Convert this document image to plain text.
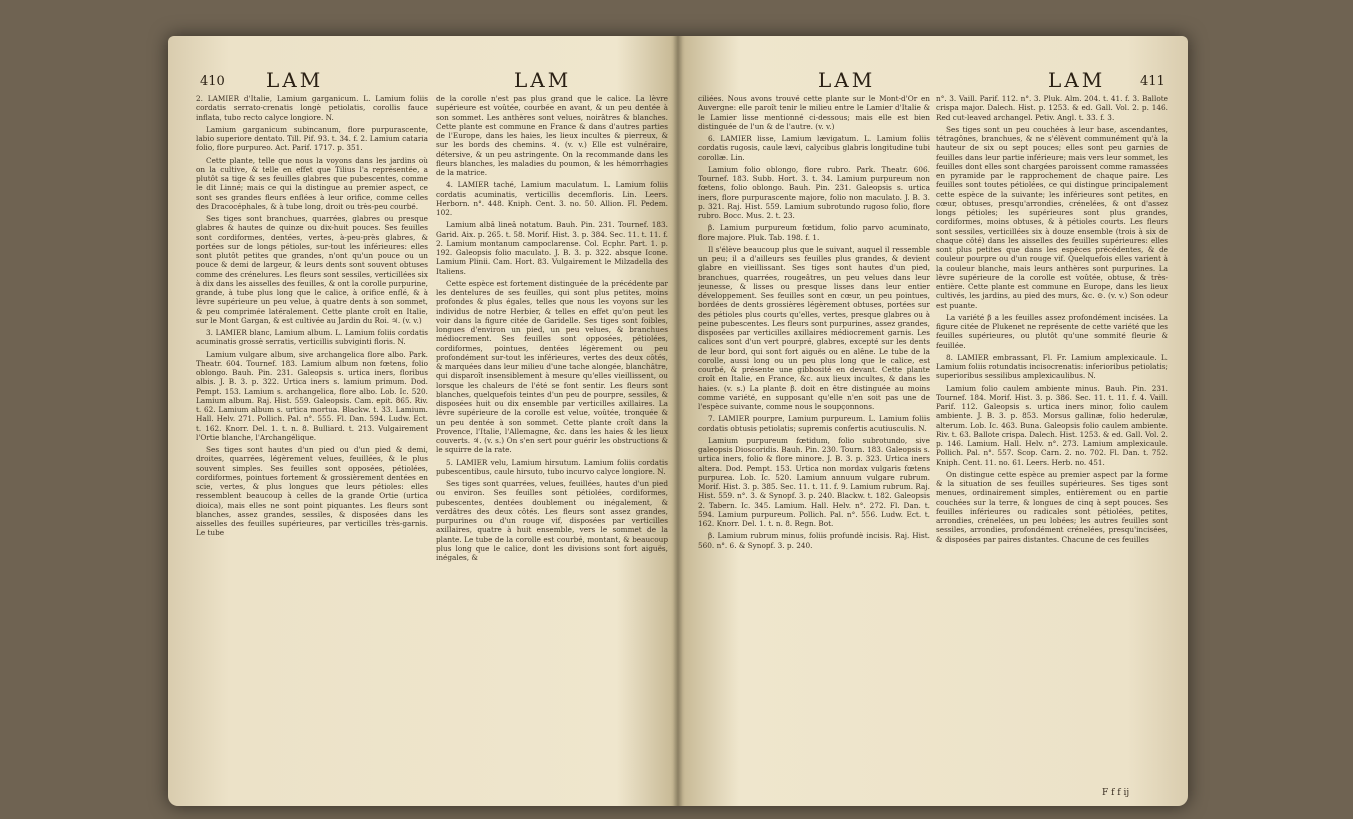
410 LAM	LAM

2. LAMIER d'Italie, Lamium garganicum. L. Lamium foliis cordatis serrato-crenatis longè petiolatis, corollis fauce inflata, tubo recto calyce longiore. N.

Lamium garganicum subincanum, flore purpurascente, labio superiore dentato. Till. Pif. 93. t. 34. f. 2. Lamium cataria folio, flore purpureo. Act. Parif. 1717. p. 351.

Cette plante, telle que nous la voyons dans les jardins où on la cultive, & telle en effet que Tilius l'a représentée, a plutôt sa tige & ses feuilles glabres que pubescentes, comme le dit Linné; mais ce qui la distingue au premier aspect, ce sont ses grandes fleurs enflées à leur orifice, comme celles des Dracocéphales, & à tube long, droit ou très-peu courbé.

Ses tiges sont branchues, quarrées, glabres ou presque glabres & hautes de quinze ou dix-huit pouces. Ses feuilles sont cordiformes, dentées, vertes, à-peu-près glabres, & portées sur de longs pétioles, sur-tout les inférieures: elles sont plutôt petites que grandes, n'ont qu'un pouce ou un pouce & demi de largeur, & leurs dents sont souvent obtuses comme des crénelures. Les fleurs sont sessiles, verticillées six à dix dans les aisselles des feuilles, & ont la corolle purpurine, grande, à tube plus long que le calice, à orifice enflé, & à lèvre supérieure un peu velue, à quatre dents à son sommet, & peu comprimée latéralement. Cette plante croît en Italie, sur le Mont Gargan, & est cultivée au Jardin du Roi. ♃. (v. v.)

3. LAMIER blanc, Lamium album. L. Lamium foliis cordatis acuminatis grossè serratis, verticillis subviginti floris. N.

Lamium vulgare album, sive archangelica flore albo. Park. Theatr. 604. Tournef. 183. Lamium album non fœtens, folio oblongo. Bauh. Pin. 231. Galeopsis s. urtica iners, floribus albis. J. B. 3. p. 322. Urtica iners s. lamium primum. Dod. Pempt. 153. Lamium s. archangelica, flore albo. Lob. Ic. 520. Lamium album. Raj. Hist. 559. Galeopsis. Cam. epit. 865. Riv. t. 62. Lamium album s. urtica mortua. Blackw. t. 33. Lamium. Hall. Helv. 271. Pollich. Pal. n°. 555. Fl. Dan. 594. Ludw. Ect. t. 162. Knorr. Del. 1. t. n. 8. Bulliard. t. 213. Vulgairement l'Ortie blanche, l'Archangélique.

Ses tiges sont hautes d'un pied ou d'un pied & demi, droites, quarrées, légèrement velues, feuillées, & le plus souvent simples. Ses feuilles sont opposées, pétiolées, cordiformes, pointues fortement & grossièrement dentées en scie, vertes, & plus longues que leurs pétioles: elles ressemblent beaucoup à celles de la grande Ortie (urtica dioica), mais elles ne sont point piquantes. Les fleurs sont blanches, assez grandes, sessiles, & disposées dans les aisselles des feuilles supérieures, par verticilles très-garnis. Le tube

de la corolle n'est pas plus grand que le calice. La lèvre supérieure est voûtée, courbée en avant, & un peu dentée à son sommet. Les anthères sont velues, noirâtres & blanches. Cette plante est commune en France & dans d'autres parties de l'Europe, dans les haies, les lieux incultes & pierreux, & sur les bords des chemins. ♃. (v. v.) Elle est vulnéraire, détersive, & un peu astringente. On la recommande dans les fleurs blanches, les maladies du poumon, & les hémorrhagies de la matrice.

4. LAMIER taché, Lamium maculatum. L. Lamium foliis cordatis acuminatis, verticillis decemfloris. Lin. Leers. Herborn. n°. 448. Kniph. Cent. 3. no. 50. Allion. Fl. Pedem. 102.

Lamium albâ lineâ notatum. Bauh. Pin. 231. Tournef. 183. Garid. Aix. p. 265. t. 58. Morif. Hist. 3. p. 384. Sec. 11. t. 11. f. 2. Lamium montanum campoclarense. Col. Ecphr. Part. 1. p. 192. Galeopsis folio maculato. J. B. 3. p. 322. absque Icone. Lamium Plinii. Cam. Hort. 83. Vulgairement le Milzadella des Italiens.

Cette espèce est fortement distinguée de la précédente par les dentelures de ses feuilles, qui sont plus petites, moins profondes & plus égales, telles que nous les voyons sur les individus de notre Herbier, & telles en effet qu'on peut les voir dans la figure citée de Garidelle. Ses tiges sont foibles, longues d'environ un pied, un peu velues, & branchues médiocrement. Ses feuilles sont opposées, pétiolées, cordiformes, pointues, dentées légèrement ou peu profondément sur-tout les inférieures, vertes des deux côtés, & marquées dans leur milieu d'une tache alongée, blanchâtre, qui disparoît insensiblement à mesure qu'elles vieillissent, ou lorsque les chaleurs de l'été se font sentir. Les fleurs sont blanches, quelquefois teintes d'un peu de pourpre, sessiles, & disposées huit ou dix ensemble par verticilles axillaires. La lèvre supérieure de la corolle est velue, voûtée, tronquée & un peu dentée à son sommet. Cette plante croît dans la Provence, l'Italie, l'Allemagne, &c. dans les haies & les lieux couverts. ♃. (v. s.) On s'en sert pour guérir les obstructions & le squirre de la rate.

5. LAMIER velu, Lamium hirsutum. Lamium foliis cordatis pubescentibus, caule hirsuto, tubo incurvo calyce longiore. N.

Ses tiges sont quarrées, velues, feuillées, hautes d'un pied ou environ. Ses feuilles sont pétiolées, cordiformes, pubescentes, dentées doublement ou inégalement, & verdâtres des deux côtés. Les fleurs sont assez grandes, purpurines ou d'un rouge vif, disposées par verticilles axillaires, quatre à huit ensemble, vers le sommet de la plante. Le tube de la corolle est courbé, montant, & beaucoup plus long que le calice, dont les divisions sont fort aiguës, inégales, &

LAM	LAM	411

ciliées. Nous avons trouvé cette plante sur le Mont-d'Or en Auvergne: elle paroît tenir le milieu entre le Lamier d'Italie & le Lamier lisse mentionné ci-dessous; mais elle est bien distinguée de l'un & de l'autre. (v. v.)

6. LAMIER lisse, Lamium lævigatum. L. Lamium foliis cordatis rugosis, caule lævi, calycibus glabris longitudine tubi corollæ. Lin.

Lamium folio oblongo, flore rubro. Park. Theatr. 606. Tournef. 183. Subb. Hort. 3. t. 34. Lamium purpureum non fœtens, folio oblongo. Bauh. Pin. 231. Galeopsis s. urtica iners, flore purpurascente majore, folio non maculato. J. B. 3. p. 321. Raj. Hist. 559. Lamium subrotundo rugoso folio, flore rubro. Bocc. Mus. 2. t. 23.

β. Lamium purpureum fœtidum, folio parvo acuminato, flore majore. Pluk. Tab. 198. f. 1.

Il s'élève beaucoup plus que le suivant, auquel il ressemble un peu; il a d'ailleurs ses feuilles plus grandes, & devient glabre en vieillissant. Ses tiges sont hautes d'un pied, branchues, quarrées, rougeâtres, un peu velues dans leur jeunesse, & lisses ou presque lisses dans leur entier développement. Ses feuilles sont en cœur, un peu pointues, bordées de dents grossières légèrement obtuses, portées sur des pétioles plus courts qu'elles, vertes, presque glabres ou à peine pubescentes. Les fleurs sont purpurines, assez grandes, disposées par verticilles axillaires médiocrement garnis. Les calices sont d'un vert pourpré, glabres, excepté sur les dents de leur bord, qui sont fort aiguës ou en alêne. Le tube de la corolle, aussi long ou un peu plus long que le calice, est courbé, & présente une gibbosité en devant. Cette plante croît en Italie, en France, &c. aux lieux incultes, & dans les haies. (v. s.) La plante β. doit en être distinguée au moins comme variété, en supposant qu'elle n'en soit pas une de l'espèce suivante, comme nous le soupçonnons.

7. LAMIER pourpre, Lamium purpureum. L. Lamium foliis cordatis obtusis petiolatis; supremis confertis acutiusculis. N.

Lamium purpureum fœtidum, folio subrotundo, sive galeopsis Dioscoridis. Bauh. Pin. 230. Tourn. 183. Galeopsis s. urtica iners, folio & flore minore. J. B. 3. p. 323. Urtica iners altera. Dod. Pempt. 153. Urtica non mordax vulgaris fœtens purpurea. Lob. Ic. 520. Lamium annuum vulgare rubrum. Morif. Hist. 3. p. 385. Sec. 11. t. 11. f. 9. Lamium rubrum. Raj. Hist. 559. n°. 3. & Synopf. 3. p. 240. Blackw. t. 182. Galeopsis 2. Tabern. Ic. 345. Lamium. Hall. Helv. n°. 272. Fl. Dan. t. 594. Lamium purpureum. Pollich. Pal. n°. 556. Ludw. Ect. t. 162. Knorr. Del. 1. t. n. 8. Regn. Bot.

β. Lamium rubrum minus, foliis profundè incisis. Raj. Hist. 560. n°. 6. & Synopf. 3. p. 240.

n°. 3. Vaill. Parif. 112. n°. 3. Pluk. Alm. 204. t. 41. f. 3. Ballote crispa major. Dalech. Hist. p. 1253. & ed. Gall. Vol. 2. p. 146. Red cut-leaved archangel. Petiv. Angl. t. 33. f. 3.

Ses tiges sont un peu couchées à leur base, ascendantes, tétragônes, branchues, & ne s'élèvent communément qu'à la hauteur de six ou sept pouces; elles sont peu garnies de feuilles dans leur partie inférieure; mais vers leur sommet, les feuilles dont elles sont chargées paroissent comme ramassées en pyramide par le rapprochement de chaque paire. Les feuilles sont toutes pétiolées, ce qui distingue principalement cette espèce de la suivante; les inférieures sont petites, en cœur, obtuses, presqu'arrondies, crénelées, & ont d'assez longs pétioles; les supérieures sont plus grandes, cordiformes, moins obtuses, & à pétioles courts. Les fleurs sont sessiles, verticillées six à douze ensemble (trois à six de chaque côté) dans les aisselles des feuilles supérieures: elles sont plus petites que dans les espèces précédentes, & de couleur pourpre ou d'un rouge vif. Quelquefois elles varient à la couleur blanche, mais leurs anthères sont purpurines. La lèvre supérieure de la corolle est voûtée, obtuse, & très-entière. Cette plante est commune en Europe, dans les lieux cultivés, les jardins, au pied des murs, &c. ⊙. (v. v.) Son odeur est puante.

La variété β a les feuilles assez profondément incisées. La figure citée de Plukenet ne représente de cette variété que les feuilles supérieures, ou plutôt qu'une sommité fleurie & feuillée.

8. LAMIER embrassant, Fl. Fr. Lamium amplexicaule. L. Lamium foliis rotundatis incisocrenatis: inferioribus petiolatis; superioribus sessilibus amplexicaulibus. N.

Lamium folio caulem ambiente minus. Bauh. Pin. 231. Tournef. 184. Morif. Hist. 3. p. 386. Sec. 11. t. 11. f. 4. Vaill. Parif. 112. Galeopsis s. urtica iners minor, folio caulem ambiente. J. B. 3. p. 853. Morsus gallinæ, folio hederulæ, alterum. Lob. Ic. 463. Buna. Galeopsis folio caulem ambiente. Riv. t. 63. Ballote crispa. Dalech. Hist. 1253. & ed. Gall. Vol. 2. p. 146. Lamium. Hall. Helv. n°. 273. Lamium amplexicaule. Pollich. Pal. n°. 557. Scop. Carn. 2. no. 702. Fl. Dan. t. 752. Kniph. Cent. 11. no. 61. Leers. Herb. no. 451.

On distingue cette espèce au premier aspect par la forme & la situation de ses feuilles supérieures. Ses tiges sont menues, ordinairement simples, entièrement ou en partie couchées sur la terre, & longues de cinq à sept pouces. Ses feuilles inférieures ou radicales sont pétiolées, petites, arrondies, crénelées, un peu lobées; les autres feuilles sont sessiles, arrondies, profondément crénelées, presqu'incisées, & disposées par paires distantes. Chacune de ces feuilles

F f f ij
